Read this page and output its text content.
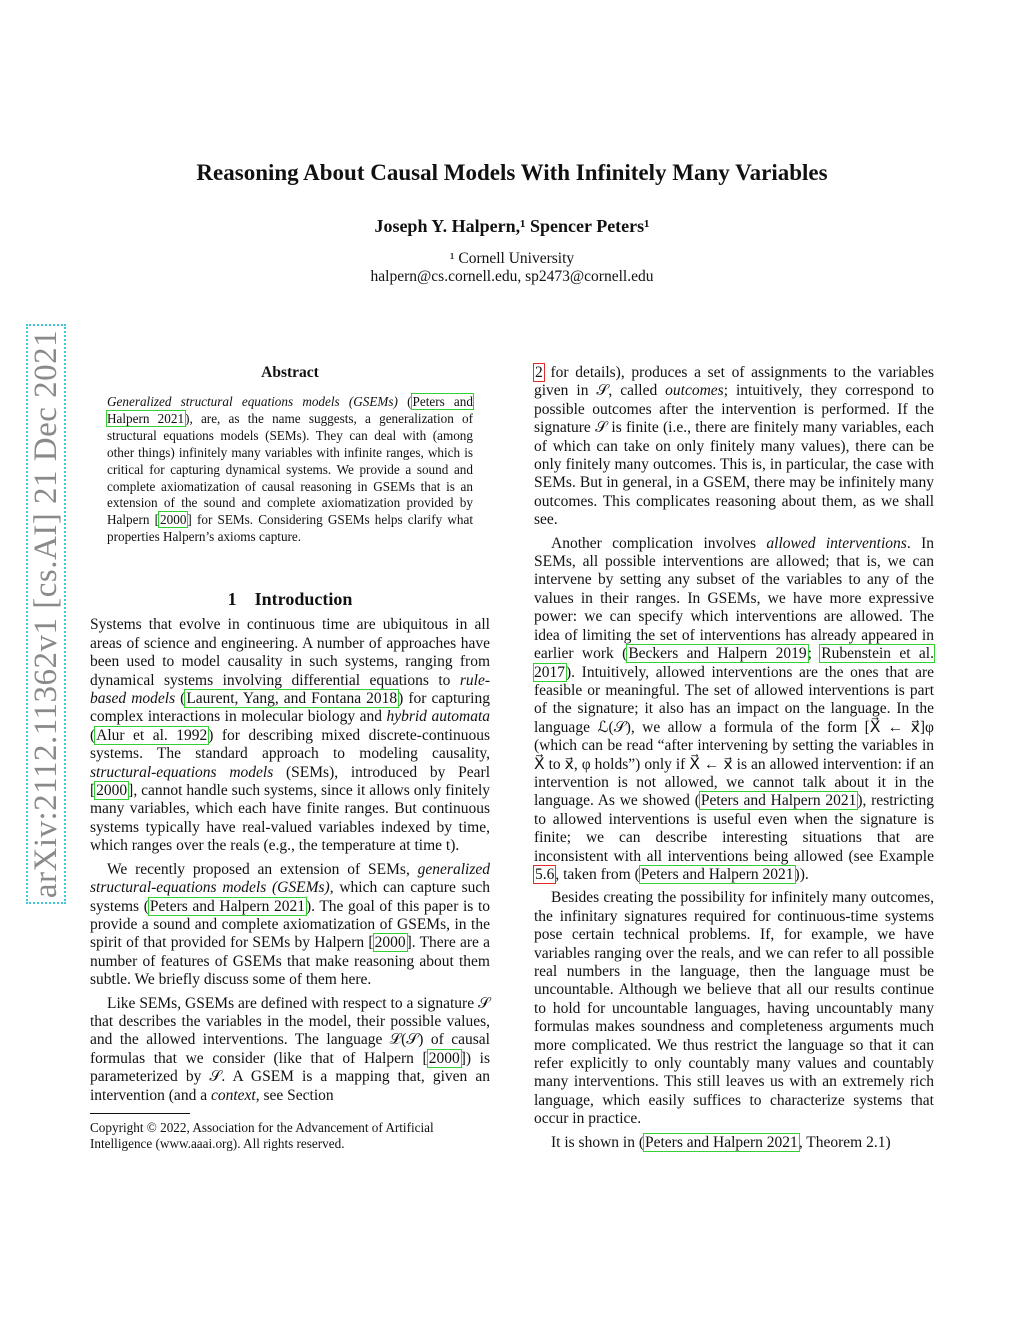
arXiv:2112.11362v1 [cs.AI] 21 Dec 2021
Reasoning About Causal Models With Infinitely Many Variables
Joseph Y. Halpern,¹ Spencer Peters¹
¹ Cornell University
halpern@cs.cornell.edu, sp2473@cornell.edu
Abstract
Generalized structural equations models (GSEMs) (Peters and Halpern 2021), are, as the name suggests, a generalization of structural equations models (SEMs). They can deal with (among other things) infinitely many variables with infinite ranges, which is critical for capturing dynamical systems. We provide a sound and complete axiomatization of causal reasoning in GSEMs that is an extension of the sound and complete axiomatization provided by Halpern [2000] for SEMs. Considering GSEMs helps clarify what properties Halpern’s axioms capture.
1 Introduction

Systems that evolve in continuous time are ubiquitous in all areas of science and engineering. A number of approaches have been used to model causality in such systems, ranging from dynamical systems involving differential equations to rule-based models (Laurent, Yang, and Fontana 2018) for capturing complex interactions in molecular biology and hybrid automata (Alur et al. 1992) for describing mixed discrete-continuous systems. The standard approach to modeling causality, structural-equations models (SEMs), introduced by Pearl [2000], cannot handle such systems, since it allows only finitely many variables, which each have finite ranges. But continuous systems typically have real-valued variables indexed by time, which ranges over the reals (e.g., the temperature at time t).

We recently proposed an extension of SEMs, generalized structural-equations models (GSEMs), which can capture such systems (Peters and Halpern 2021). The goal of this paper is to provide a sound and complete axiomatization of GSEMs, in the spirit of that provided for SEMs by Halpern [2000]. There are a number of features of GSEMs that make reasoning about them subtle. We briefly discuss some of them here.

Like SEMs, GSEMs are defined with respect to a signature 𝒮 that describes the variables in the model, their possible values, and the allowed interventions. The language ℒ(𝒮) of causal formulas that we consider (like that of Halpern [2000]) is parameterized by 𝒮. A GSEM is a mapping that, given an intervention (and a context, see Section

Copyright © 2022, Association for the Advancement of Artificial Intelligence (www.aaai.org). All rights reserved.

2 for details), produces a set of assignments to the variables given in 𝒮, called outcomes; intuitively, they correspond to possible outcomes after the intervention is performed. If the signature 𝒮 is finite (i.e., there are finitely many variables, each of which can take on only finitely many values), there can be only finitely many outcomes. This is, in particular, the case with SEMs. But in general, in a GSEM, there may be infinitely many outcomes. This complicates reasoning about them, as we shall see.

Another complication involves allowed interventions. In SEMs, all possible interventions are allowed; that is, we can intervene by setting any subset of the variables to any of the values in their ranges. In GSEMs, we have more expressive power: we can specify which interventions are allowed. The idea of limiting the set of interventions has already appeared in earlier work (Beckers and Halpern 2019; Rubenstein et al. 2017). Intuitively, allowed interventions are the ones that are feasible or meaningful. The set of allowed interventions is part of the signature; it also has an impact on the language. In the language ℒ(𝒮), we allow a formula of the form [X⃗ ← x⃗]φ (which can be read “after intervening by setting the variables in X⃗ to x⃗, φ holds”) only if X⃗ ← x⃗ is an allowed intervention: if an intervention is not allowed, we cannot talk about it in the language. As we showed (Peters and Halpern 2021), restricting to allowed interventions is useful even when the signature is finite; we can describe interesting situations that are inconsistent with all interventions being allowed (see Example 5.6, taken from (Peters and Halpern 2021)).

Besides creating the possibility for infinitely many outcomes, the infinitary signatures required for continuous-time systems pose certain technical problems. If, for example, we have variables ranging over the reals, and we can refer to all possible real numbers in the language, then the language must be uncountable. Although we believe that all our results continue to hold for uncountable languages, having uncountably many formulas makes soundness and completeness arguments much more complicated. We thus restrict the language so that it can refer explicitly to only countably many values and countably many interventions. This still leaves us with an extremely rich language, which easily suffices to characterize systems that occur in practice.

It is shown in (Peters and Halpern 2021, Theorem 2.1)
